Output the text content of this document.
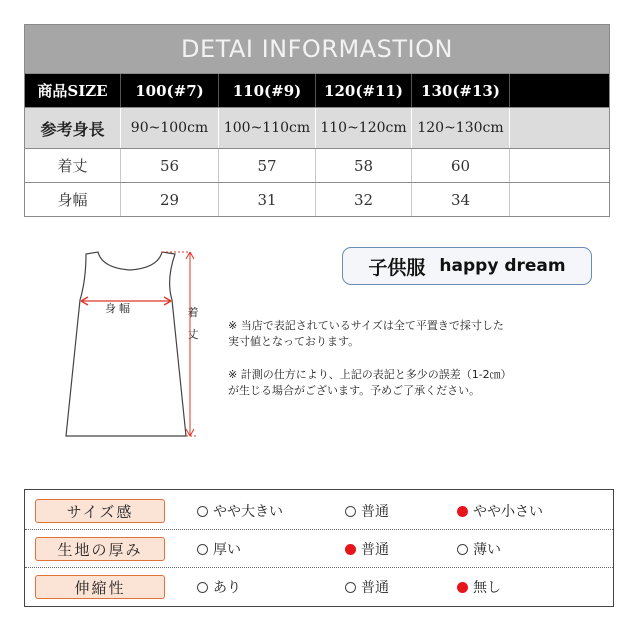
DETAI INFORMASTION
商品SIZE	100(#7)	110(#9)	120(#11)	130(#13)
参考身長	90~100cm	100~110cm 110~120cm 120~130cm
着丈	56	57	58	60
身幅	29	31	32	34
身幅	着
丈
子供服 happy dream
※ 当店で表記されているサイズは全て平置きで採寸した
実寸値となっております。
※ 計測の仕方により、上記の表記と多少の誤差（1-2㎝）
が生じる場合がございます。予めご了承ください。
サイズ感	やや大きい	普通	やや小さい
生地の厚み	厚い	普通	薄い
伸縮性	あり	普通	無し
